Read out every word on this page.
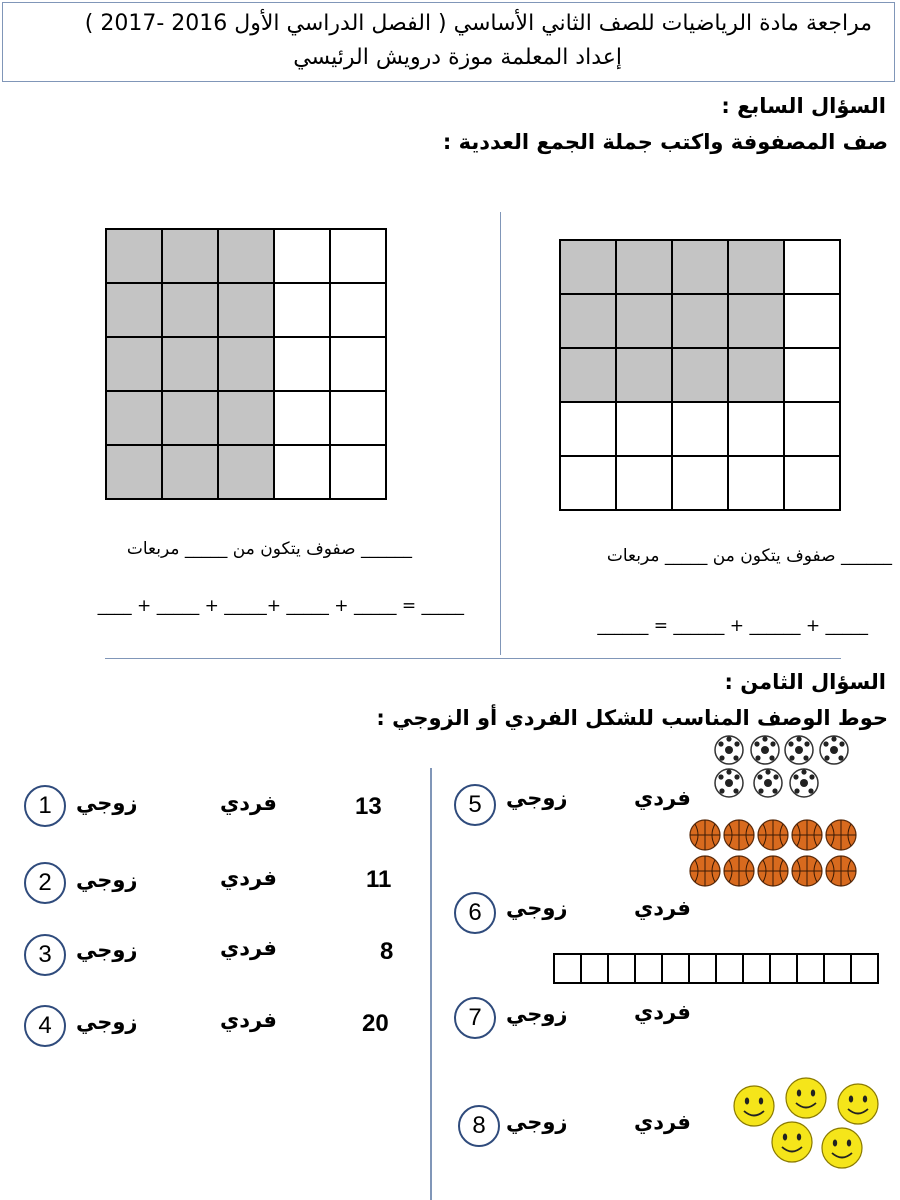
مراجعة مادة الرياضيات للصف الثاني الأساسي ( الفصل الدراسي الأول 2016 -2017 )
إعداد المعلمة موزة درويش الرئيسي
السؤال السابع :
صف المصفوفة واكتب جملة الجمع العددية :

______ صفوف يتكون من _____ مربعات
_____ + ______ + ______ = ______
______ صفوف يتكون من _____ مربعات
____ + _____ + _____+ _____ + _____ = _____
السؤال الثامن :
حوط الوصف المناسب للشكل الفردي أو الزوجي :
1	زوجي	فردي	13
2	زوجي	فردي	11
3	زوجي	فردي	8
4	زوجي	فردي	20
5	زوجي	فردي
6	زوجي	فردي
7	زوجي	فردي

8 زوجي	فردي
